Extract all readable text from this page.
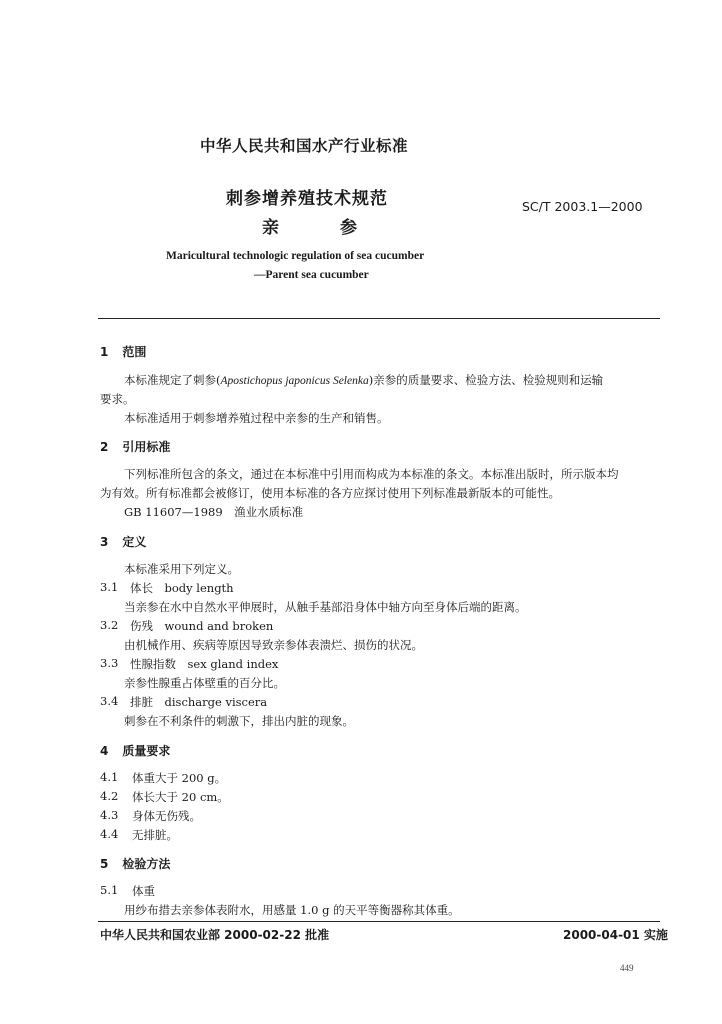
中华人民共和国水产行业标准
刺参增养殖技术规范
亲	参
SC/T 2003.1—2000
Maricultural technologic regulation of sea cucumber
—Parent sea cucumber
1 范围
本标准规定了刺参(Apostichopus japonicus Selenka)亲参的质量要求、检验方法、检验规则和运输
要求。
本标准适用于刺参增养殖过程中亲参的生产和销售。
2 引用标准
下列标准所包含的条文，通过在本标准中引用而构成为本标准的条文。本标准出版时，所示版本均
为有效。所有标准都会被修订，使用本标准的各方应探讨使用下列标准最新版本的可能性。
GB 11607—1989　渔业水质标准
3 定义
本标准采用下列定义。
3.1 体长　body length
当亲参在水中自然水平伸展时，从触手基部沿身体中轴方向至身体后端的距离。
3.2 伤残　wound and broken
由机械作用、疾病等原因导致亲参体表溃烂、损伤的状况。
3.3 性腺指数　sex gland index
亲参性腺重占体壁重的百分比。
3.4 排脏　discharge viscera
刺参在不利条件的刺激下，排出内脏的现象。
4 质量要求
4.1 体重大于 200 g。
4.2 体长大于 20 cm。
4.3 身体无伤残。
4.4 无排脏。
5 检验方法
5.1 体重
用纱布措去亲参体表附水，用感量 1.0 g 的天平等衡器称其体重。
中华人民共和国农业部 2000-02-22 批准	2000-04-01 实施
449
